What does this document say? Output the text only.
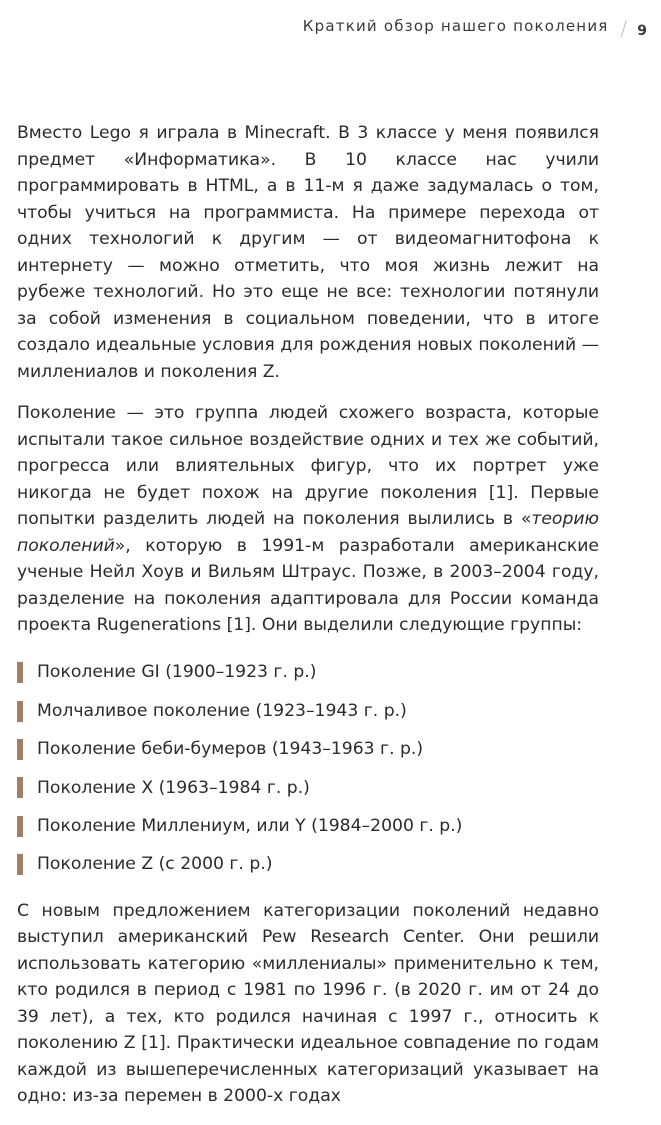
Краткий обзор нашего поколения / 9

Вместо Lego я играла в Minecraft. В 3 классе у меня появился предмет «Информатика». В 10 классе нас учили программировать в HTML, а в 11-м я даже задумалась о том, чтобы учиться на программиста. На примере перехода от одних технологий к другим — от видеомагнитофона к интернету — можно отметить, что моя жизнь лежит на рубеже технологий. Но это еще не все: технологии потянули за собой изменения в социальном поведении, что в итоге создало идеальные условия для рождения новых поколений — миллениалов и поколения Z.

Поколение — это группа людей схожего возраста, которые испытали такое сильное воздействие одних и тех же событий, прогресса или влиятельных фигур, что их портрет уже никогда не будет похож на другие поколения [1]. Первые попытки разделить людей на поколения вылились в «теорию поколений», которую в 1991-м разработали американские ученые Нейл Хоув и Вильям Штраус. Позже, в 2003–2004 году, разделение на поколения адаптировала для России команда проекта Rugenerations [1]. Они выделили следующие группы:

Поколение GI (1900–1923 г. р.)
Молчаливое поколение (1923–1943 г. р.)
Поколение беби-бумеров (1943–1963 г. р.)
Поколение X (1963–1984 г. р.)
Поколение Миллениум, или Y (1984–2000 г. р.)
Поколение Z (с 2000 г. р.)

С новым предложением категоризации поколений недавно выступил американский Pew Research Center. Они решили использовать категорию «миллениалы» применительно к тем, кто родился в период с 1981 по 1996 г. (в 2020 г. им от 24 до 39 лет), а тех, кто родился начиная с 1997 г., относить к поколению Z [1]. Практически идеальное совпадение по годам каждой из вышеперечисленных категоризаций указывает на одно: из-за перемен в 2000-х годах
